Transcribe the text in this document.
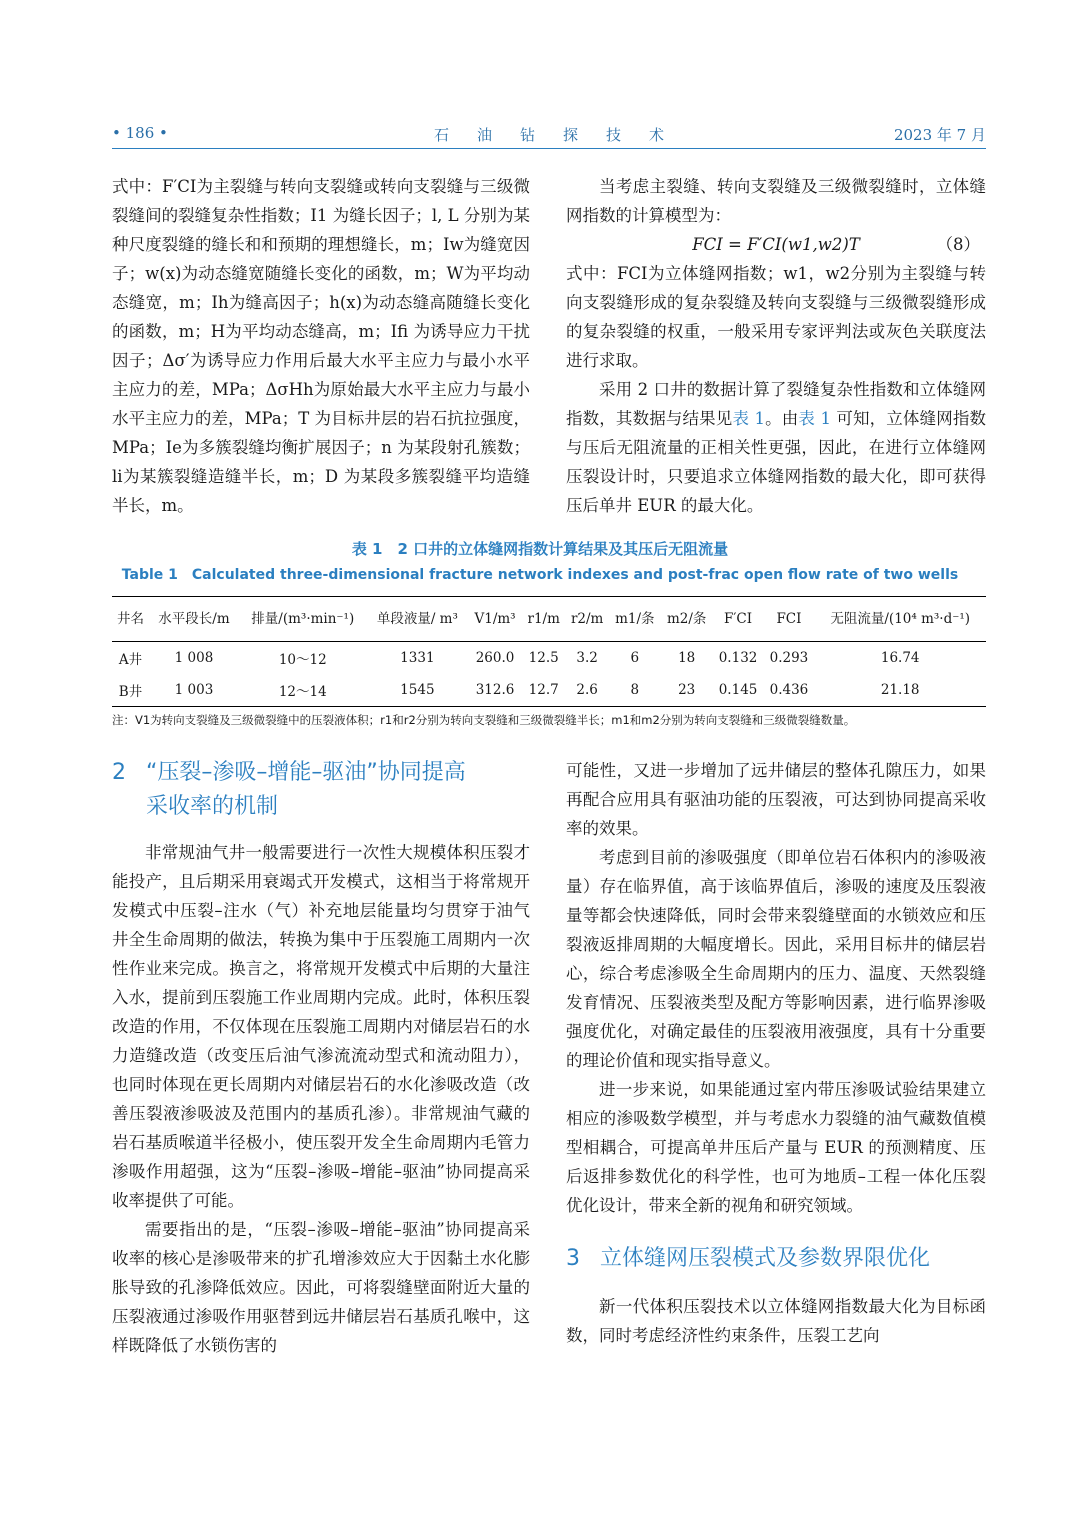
• 186 •	石油钻探技术	2023 年 7 月

式中：F′CI为主裂缝与转向支裂缝或转向支裂缝与三级微裂缝间的裂缝复杂性指数；I1 为缝长因子；l, L 分别为某种尺度裂缝的缝长和和预期的理想缝长，m；Iw为缝宽因子；w(x)为动态缝宽随缝长变化的函数，m；W为平均动态缝宽，m；Ih为缝高因子；h(x)为动态缝高随缝长变化的函数，m；H为平均动态缝高，m；Ifi 为诱导应力干扰因子；Δσ′为诱导应力作用后最大水平主应力与最小水平主应力的差，MPa；ΔσHh为原始最大水平主应力与最小水平主应力的差，MPa；T 为目标井层的岩石抗拉强度，MPa；Ie为多簇裂缝均衡扩展因子；n 为某段射孔簇数；li为某簇裂缝造缝半长，m；D 为某段多簇裂缝平均造缝半长，m。

当考虑主裂缝、转向支裂缝及三级微裂缝时，立体缝网指数的计算模型为：

FCI = F′CI(w1,w2)T	（8）

式中：FCI为立体缝网指数；w1，w2分别为主裂缝与转向支裂缝形成的复杂裂缝及转向支裂缝与三级微裂缝形成的复杂裂缝的权重，一般采用专家评判法或灰色关联度法进行求取。

采用 2 口井的数据计算了裂缝复杂性指数和立体缝网指数，其数据与结果见表 1。由表 1 可知，立体缝网指数与压后无阻流量的正相关性更强，因此，在进行立体缝网压裂设计时，只要追求立体缝网指数的最大化，即可获得压后单井 EUR 的最大化。

表 1　2 口井的立体缝网指数计算结果及其压后无阻流量
Table 1　Calculated three-dimensional fracture network indexes and post-frac open flow rate of two wells
井名	水平段长/m	排量/(m³·min⁻¹)	单段液量/ m³	V1/m³	r1/m	r2/m	m1/条	m2/条	F′CI	FCI	无阻流量/(10⁴ m³·d⁻¹)
A井	1 008	10～12	1331	260.0	12.5	3.2	6	18	0.132	0.293	16.74
B井	1 003	12～14	1545	312.6	12.7	2.6	8	23	0.145	0.436	21.18
注：V1为转向支裂缝及三级微裂缝中的压裂液体积；r1和r2分别为转向支裂缝和三级微裂缝半长；m1和m2分别为转向支裂缝和三级微裂缝数量。
2 “压裂–渗吸–增能–驱油”协同提高
采收率的机制

非常规油气井一般需要进行一次性大规模体积压裂才能投产，且后期采用衰竭式开发模式，这相当于将常规开发模式中压裂–注水（气）补充地层能量均匀贯穿于油气井全生命周期的做法，转换为集中于压裂施工周期内一次性作业来完成。换言之，将常规开发模式中后期的大量注入水，提前到压裂施工作业周期内完成。此时，体积压裂改造的作用，不仅体现在压裂施工周期内对储层岩石的水力造缝改造（改变压后油气渗流流动型式和流动阻力），也同时体现在更长周期内对储层岩石的水化渗吸改造（改善压裂液渗吸波及范围内的基质孔渗）。非常规油气藏的岩石基质喉道半径极小，使压裂开发全生命周期内毛管力渗吸作用超强，这为“压裂–渗吸–增能–驱油”协同提高采收率提供了可能。

需要指出的是，“压裂–渗吸–增能–驱油”协同提高采收率的核心是渗吸带来的扩孔增渗效应大于因黏土水化膨胀导致的孔渗降低效应。因此，可将裂缝壁面附近大量的压裂液通过渗吸作用驱替到远井储层岩石基质孔喉中，这样既降低了水锁伤害的

可能性，又进一步增加了远井储层的整体孔隙压力，如果再配合应用具有驱油功能的压裂液，可达到协同提高采收率的效果。

考虑到目前的渗吸强度（即单位岩石体积内的渗吸液量）存在临界值，高于该临界值后，渗吸的速度及压裂液量等都会快速降低，同时会带来裂缝壁面的水锁效应和压裂液返排周期的大幅度增长。因此，采用目标井的储层岩心，综合考虑渗吸全生命周期内的压力、温度、天然裂缝发育情况、压裂液类型及配方等影响因素，进行临界渗吸强度优化，对确定最佳的压裂液用液强度，具有十分重要的理论价值和现实指导意义。

进一步来说，如果能通过室内带压渗吸试验结果建立相应的渗吸数学模型，并与考虑水力裂缝的油气藏数值模型相耦合，可提高单井压后产量与 EUR 的预测精度、压后返排参数优化的科学性，也可为地质–工程一体化压裂优化设计，带来全新的视角和研究领域。

3 立体缝网压裂模式及参数界限优化

新一代体积压裂技术以立体缝网指数最大化为目标函数，同时考虑经济性约束条件，压裂工艺向
